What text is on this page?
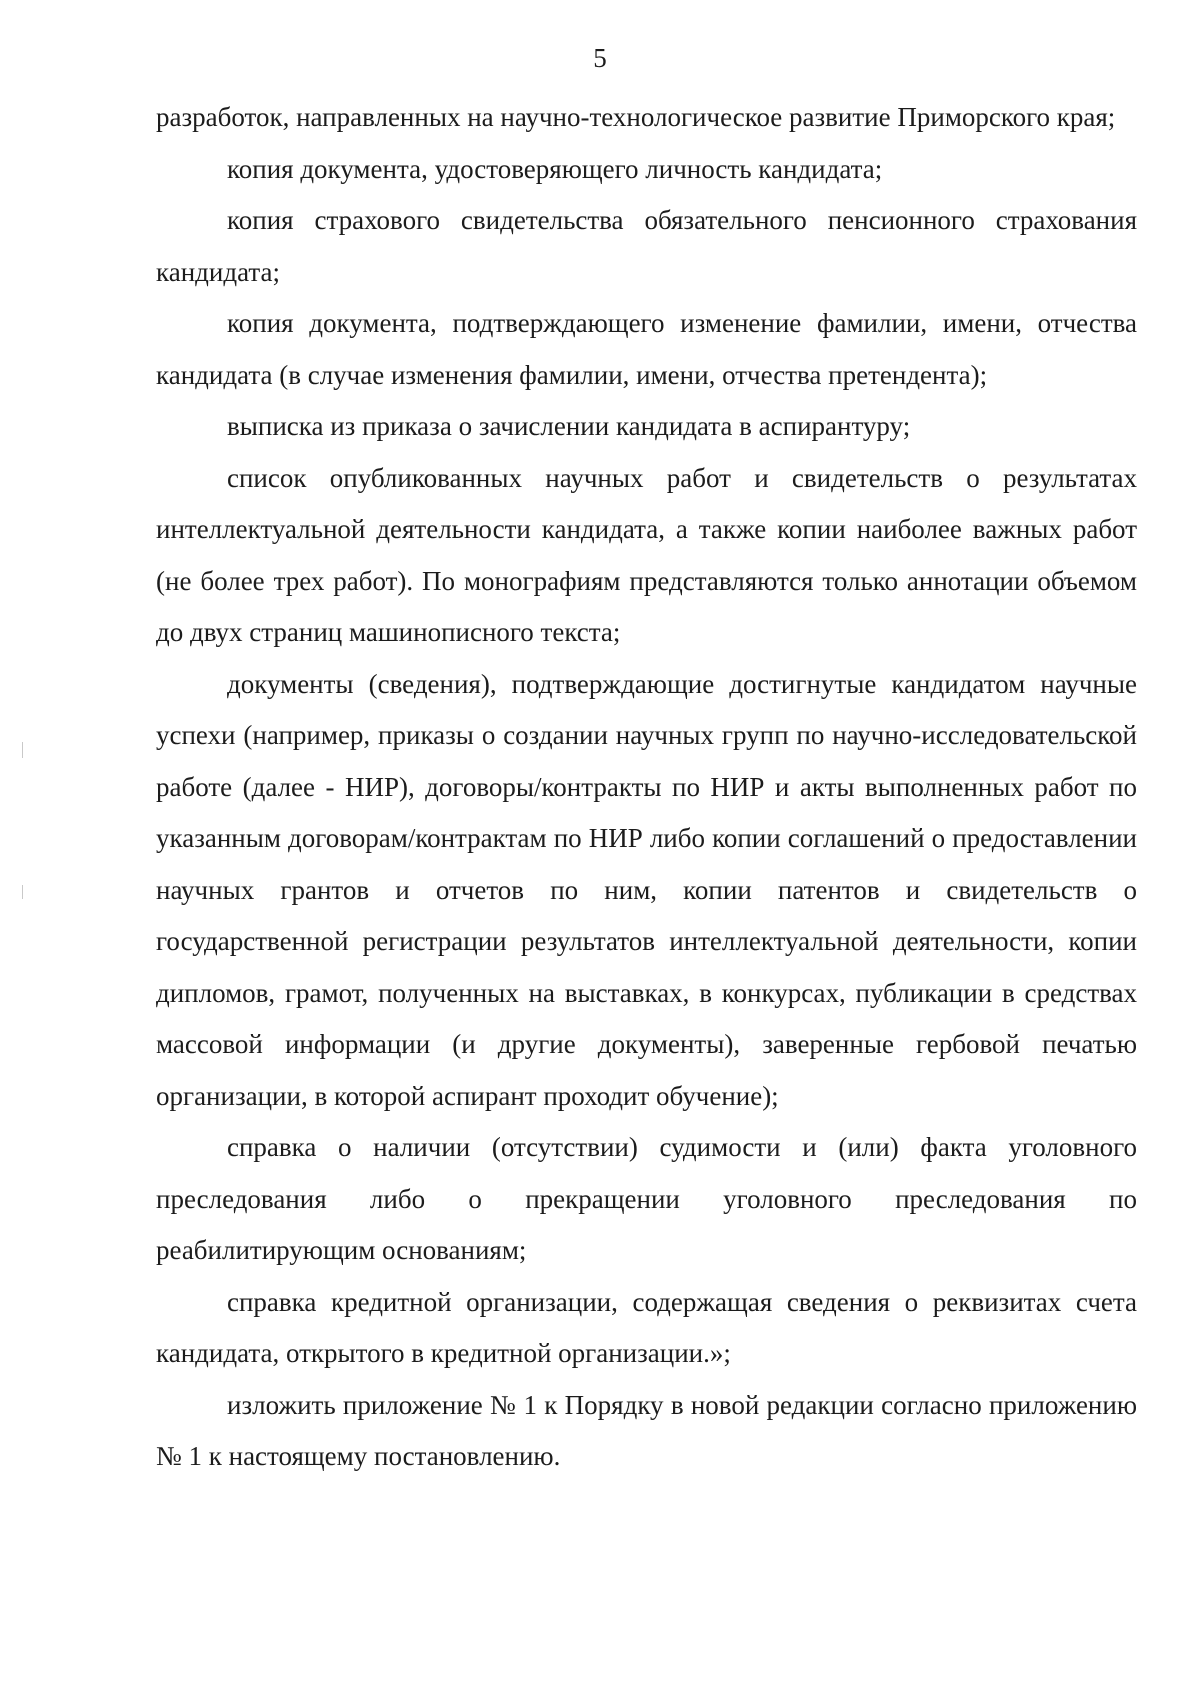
5

разработок, направленных на научно-технологическое развитие Приморского края;

копия документа, удостоверяющего личность кандидата;

копия страхового свидетельства обязательного пенсионного страхования кандидата;

копия документа, подтверждающего изменение фамилии, имени, отчества кандидата (в случае изменения фамилии, имени, отчества претендента);

выписка из приказа о зачислении кандидата в аспирантуру;

список опубликованных научных работ и свидетельств о результатах интеллектуальной деятельности кандидата, а также копии наиболее важных работ (не более трех работ). По монографиям представляются только аннотации объемом до двух страниц машинописного текста;

документы (сведения), подтверждающие достигнутые кандидатом научные успехи (например, приказы о создании научных групп по научно-исследовательской работе (далее - НИР), договоры/контракты по НИР и акты выполненных работ по указанным договорам/контрактам по НИР либо копии соглашений о предоставлении научных грантов и отчетов по ним, копии патентов и свидетельств о государственной регистрации результатов интеллектуальной деятельности, копии дипломов, грамот, полученных на выставках, в конкурсах, публикации в средствах массовой информации (и другие документы), заверенные гербовой печатью организации, в которой аспирант проходит обучение);

справка о наличии (отсутствии) судимости и (или) факта уголовного преследования либо о прекращении уголовного преследования по реабилитирующим основаниям;

справка кредитной организации, содержащая сведения о реквизитах счета кандидата, открытого в кредитной организации.»;

изложить приложение № 1 к Порядку в новой редакции согласно приложению № 1 к настоящему постановлению.
